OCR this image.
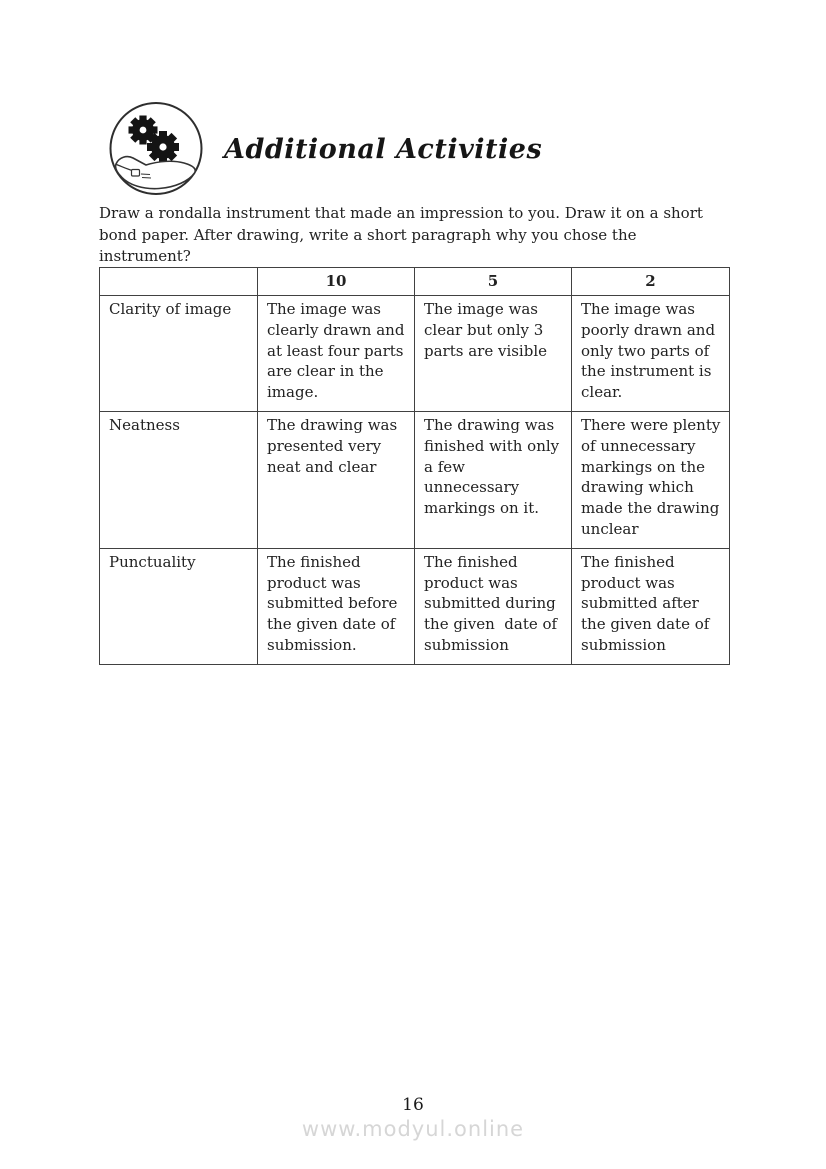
Additional Activities
Draw a rondalla instrument that made an impression to you. Draw it on a short bond paper. After drawing, write a short paragraph why you chose the instrument?
	10	5	2
Clarity of image	The image was clearly drawn and at least four parts are clear in the image.	The image was clear but only 3 parts are visible	The image was poorly drawn and only two parts of the instrument is clear.
Neatness	The drawing was presented very neat and clear	The drawing was finished with only a few unnecessary markings on it.	There were plenty of unnecessary markings on the drawing which made the drawing unclear
Punctuality	The finished product was submitted before the given date of submission.	The finished product was submitted during the given  date of submission	The finished product was submitted after the given date of submission
16
www.modyul.online
